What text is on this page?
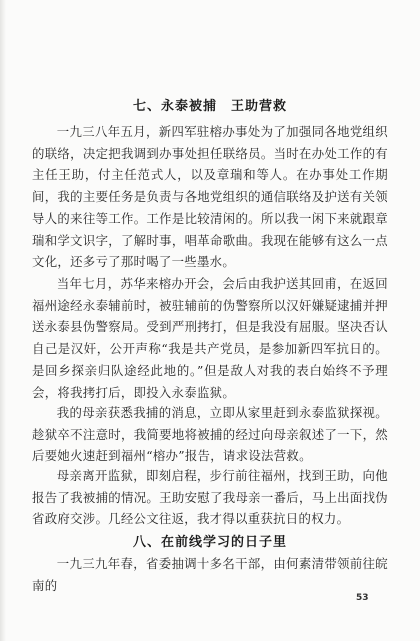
七、永泰被捕　王助营救

一九三八年五月，新四军驻榕办事处为了加强同各地党组织的联络，决定把我调到办事处担任联络员。当时在办处工作的有主任王助，付主任范式人，以及章瑞和等人。在办事处工作期间，我的主要任务是负责与各地党组织的通信联络及护送有关领导人的来往等工作。工作是比较清闲的。所以我一闲下来就跟章瑞和学文识字，了解时事，唱革命歌曲。我现在能够有这么一点文化，还多亏了那时喝了一些墨水。

当年七月，苏华来榕办开会，会后由我护送其回甫，在返回福州途经永泰辅前时，被驻辅前的伪警察所以汉奸嫌疑逮捕并押送永泰县伪警察局。受到严刑拷打，但是我没有屈服。坚决否认自己是汉奸，公开声称“我是共产党员，是参加新四军抗日的。是回乡探亲归队途经此地的。”但是敌人对我的表白始终不予理会，将我拷打后，即投入永泰监狱。

我的母亲获悉我捕的消息，立即从家里赶到永泰监狱探视。趁狱卒不注意时，我简要地将被捕的经过向母亲叙述了一下，然后要她火速赶到福州“榕办”报告，请求设法营救。

母亲离开监狱，即刻启程，步行前往福州，找到王助，向他报告了我被捕的情况。王助安慰了我母亲一番后，马上出面找伪省政府交涉。几经公文往返，我才得以重获抗日的权力。

八、在前线学习的日子里

一九三九年春，省委抽调十多名干部，由何素清带领前往皖南的

53
